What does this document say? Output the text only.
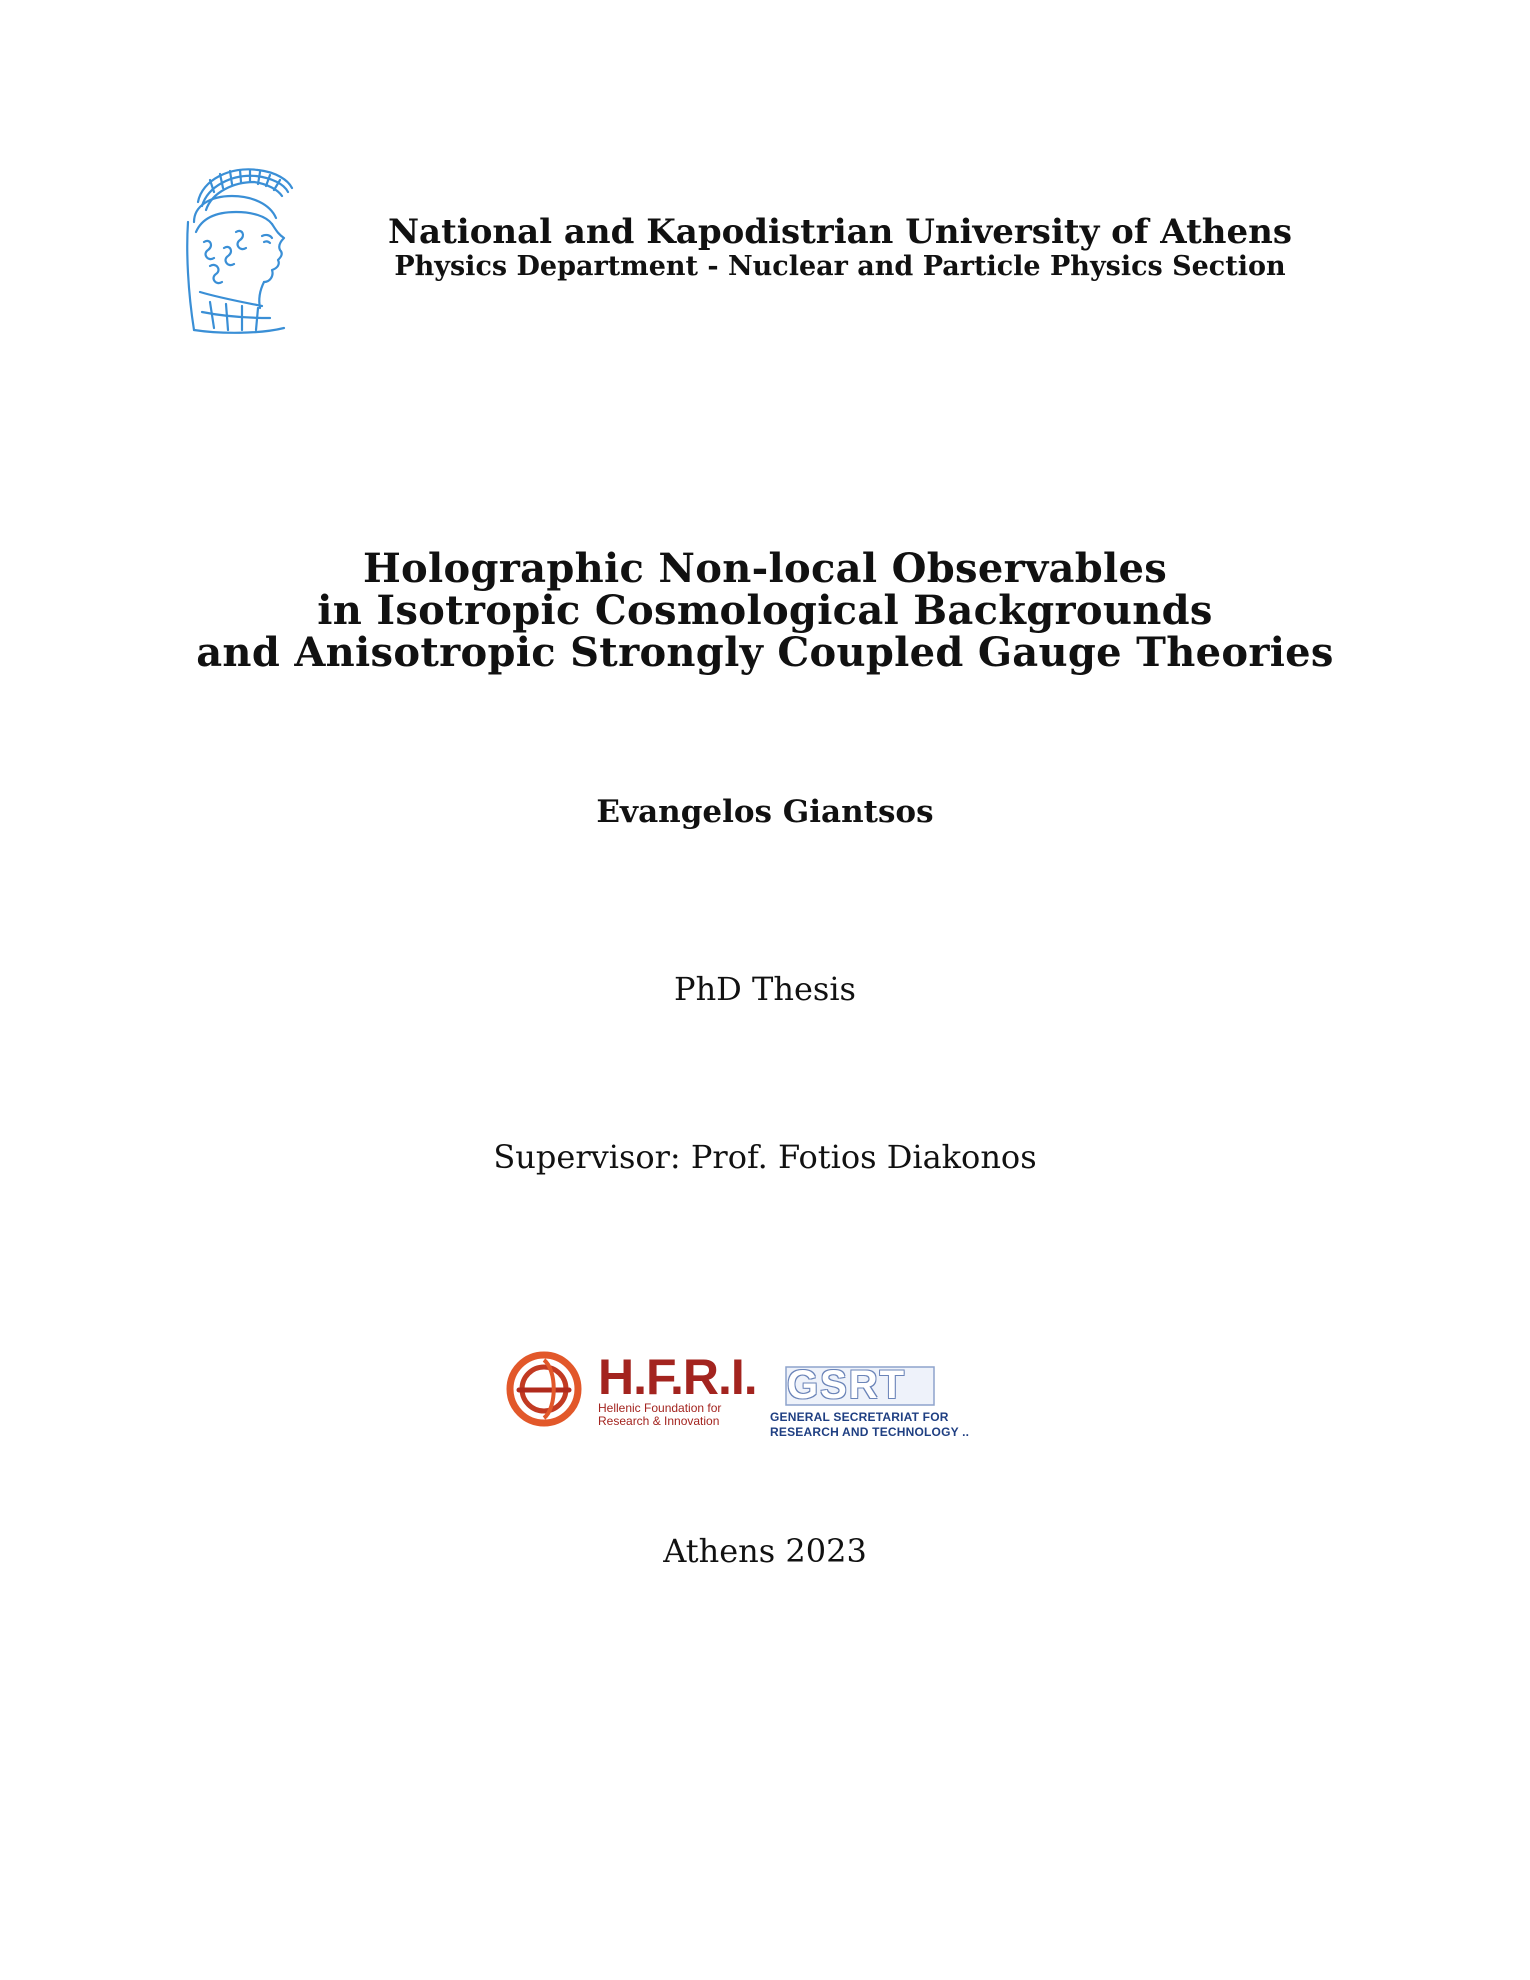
National and Kapodistrian University of Athens
Physics Department - Nuclear and Particle Physics Section
Holographic Non-local Observables
in Isotropic Cosmological Backgrounds
and Anisotropic Strongly Coupled Gauge Theories
Evangelos Giantsos
PhD Thesis
Supervisor: Prof. Fotios Diakonos
H.F.R.I.
Hellenic Foundation for
Research & Innovation
GSRT
GENERAL SECRETARIAT FOR
RESEARCH AND TECHNOLOGY ..
Athens 2023
